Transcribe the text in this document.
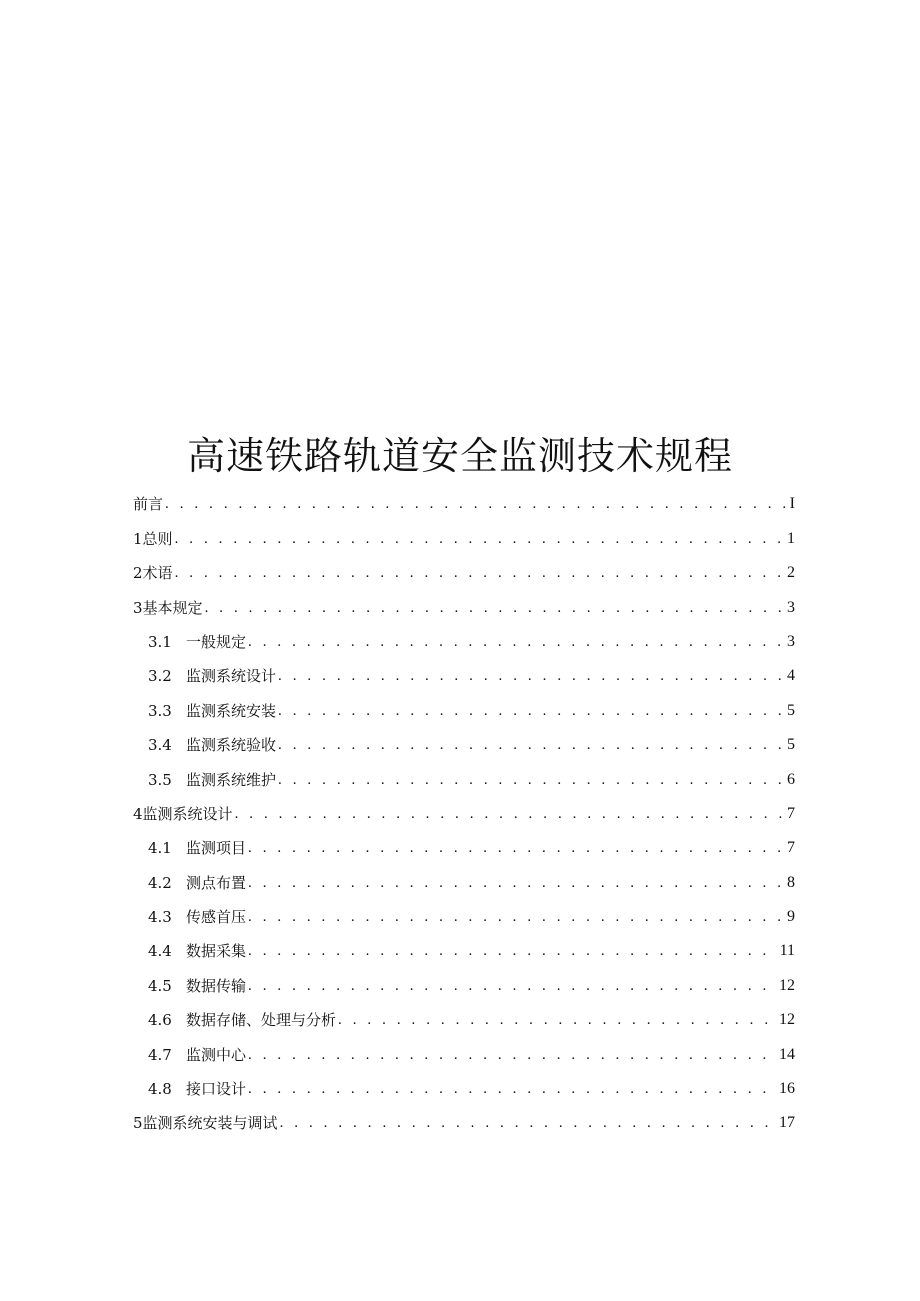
高速铁路轨道安全监测技术规程
前言 . . .	I
1 总则 . . .	1
2 术语 . . .	2
3 基本规定 . . .	3
3.1 一般规定 . . .	3
3.2 监测系统设计 . . .	4
3.3 监测系统安装 . . .	5
3.4 监测系统验收 . . .	5
3.5 监测系统维护 . . .	6
4 监测系统设计 . . .	7
4.1 监测项目 . . .	7
4.2 测点布置 . . .	8
4.3 传感首压 . . .	9
4.4 数据采集 . . .	11
4.5 数据传输 . . .	12
4.6 数据存储、处理与分析 . . .	12
4.7 监测中心 . . .	14
4.8 接口设计 . . .	16
5 监测系统安装与调试 . . .	17
